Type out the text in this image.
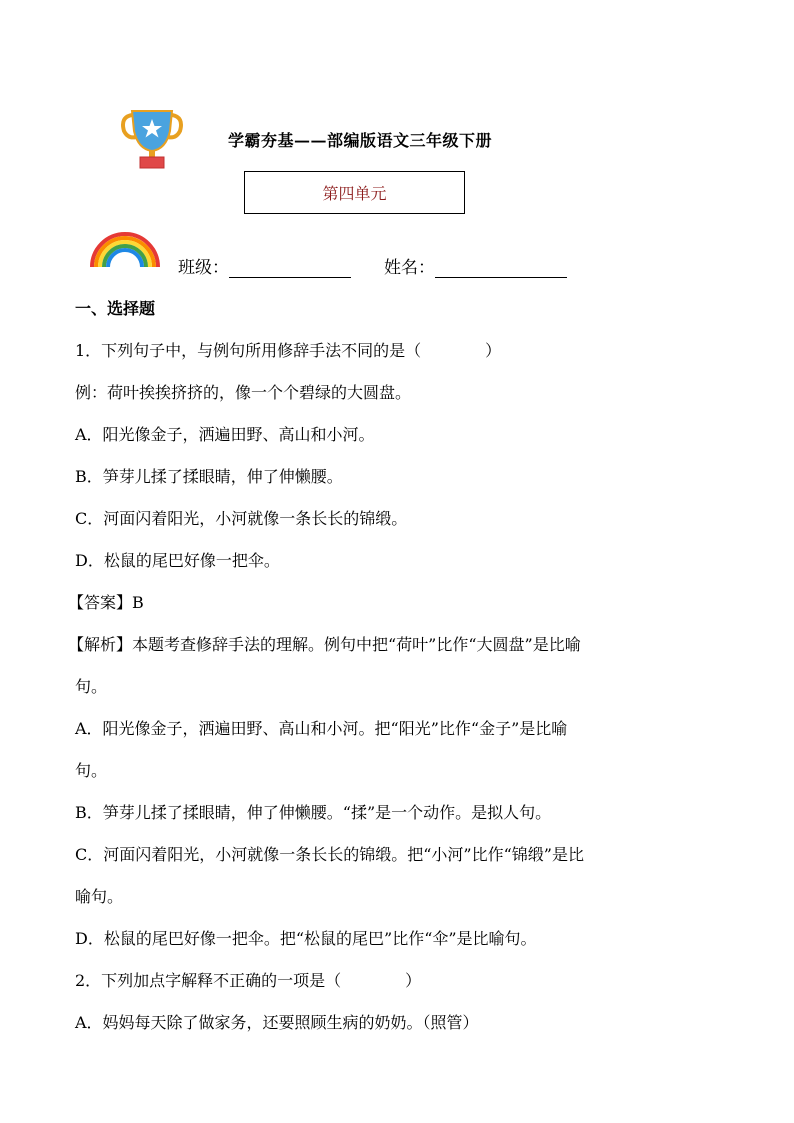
学霸夯基——部编版语文三年级下册
第四单元
班级：	姓名：
一、选择题
1．下列句子中，与例句所用修辞手法不同的是（　　　　）
例：荷叶挨挨挤挤的，像一个个碧绿的大圆盘。
A．阳光像金子，洒遍田野、高山和小河。
B．笋芽儿揉了揉眼睛，伸了伸懒腰。
C．河面闪着阳光，小河就像一条长长的锦缎。
D．松鼠的尾巴好像一把伞。
【答案】B
【解析】本题考查修辞手法的理解。例句中把“荷叶”比作“大圆盘”是比喻
句。
A．阳光像金子，洒遍田野、高山和小河。把“阳光”比作“金子”是比喻
句。
B．笋芽儿揉了揉眼睛，伸了伸懒腰。“揉”是一个动作。是拟人句。
C．河面闪着阳光，小河就像一条长长的锦缎。把“小河”比作“锦缎”是比
喻句。
D．松鼠的尾巴好像一把伞。把“松鼠的尾巴”比作“伞”是比喻句。
2．下列加点字解释不正确的一项是（　　　　）
A．妈妈每天除了做家务，还要照顾生病的奶奶。（照管）
